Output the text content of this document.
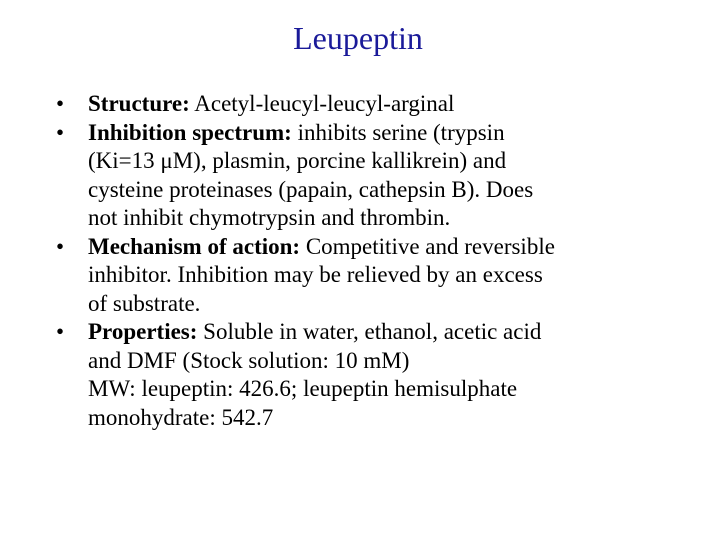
Leupeptin
•	Structure: Acetyl-leucyl-leucyl-arginal
•	Inhibition spectrum: inhibits serine (trypsin
(Ki=13 μM), plasmin, porcine kallikrein) and
cysteine proteinases (papain, cathepsin B). Does
not inhibit chymotrypsin and thrombin.
•	Mechanism of action: Competitive and reversible
inhibitor. Inhibition may be relieved by an excess
of substrate.
•	Properties: Soluble in water, ethanol, acetic acid
and DMF (Stock solution: 10 mM)
MW: leupeptin: 426.6; leupeptin hemisulphate
monohydrate: 542.7
